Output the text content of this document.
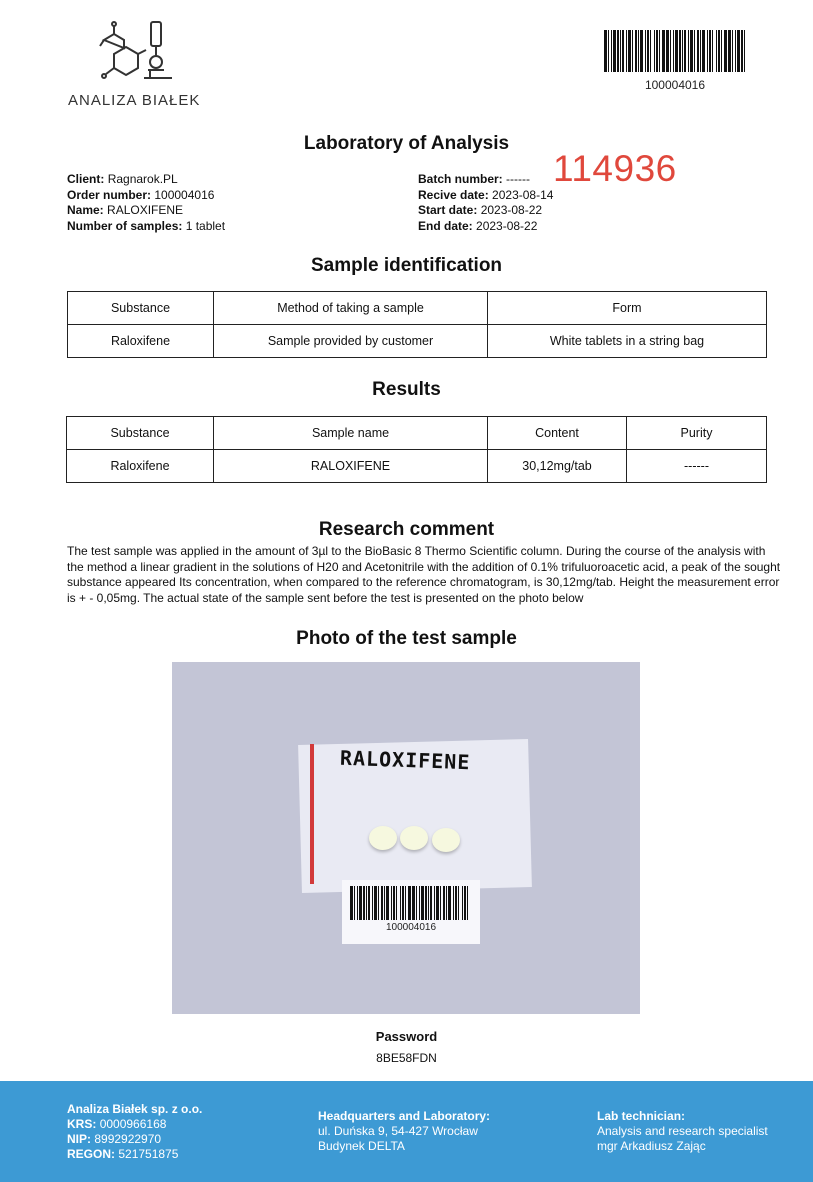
ANALIZA BIAŁEK
100004016
Laboratory of Analysis
Client: Ragnarok.PL
Order number: 100004016
Name: RALOXIFENE
Number of samples: 1 tablet
Batch number: ------
Recive date: 2023-08-14
Start date: 2023-08-22
End date: 2023-08-22
114936
Sample identification
Substance	Method of taking a sample	Form
Raloxifene	Sample provided by customer	White tablets in a string bag
Results
Substance	Sample name	Content	Purity
Raloxifene	RALOXIFENE	30,12mg/tab	------
Research comment
The test sample was applied in the amount of 3µl to the BioBasic 8 Thermo Scientific column. During the course of the analysis with the method a linear gradient in the solutions of H20 and Acetonitrile with the addition of 0.1% trifuluoroacetic acid, a peak of the sought substance appeared Its concentration, when compared to the reference chromatogram, is 30,12mg/tab. Height the measurement error is + - 0,05mg. The actual state of the sample sent before the test is presented on the photo below
Photo of the test sample
RALOXIFENE
100004016
Password
8BE58FDN
Analiza Białek sp. z o.o.
KRS: 0000966168
NIP: 8992922970
REGON: 521751875
Headquarters and Laboratory:
ul. Duńska 9, 54-427 Wrocław
Budynek DELTA
Lab technician:
Analysis and research specialist
mgr Arkadiusz Zając
